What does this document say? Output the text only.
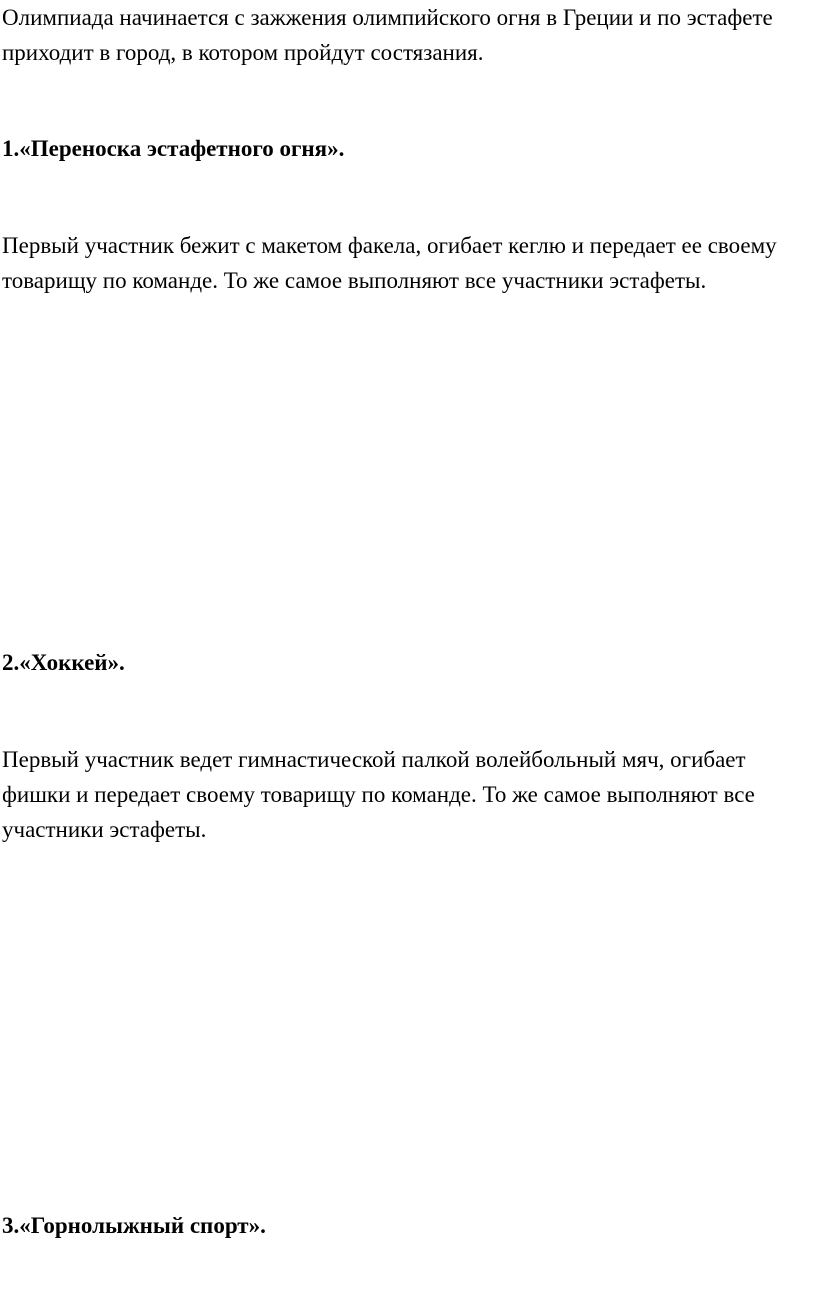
Олимпиада начинается с зажжения олимпийского огня в Греции и по эстафете приходит в город, в котором пройдут состязания.

1.«Переноска эстафетного огня».

Первый участник бежит с макетом факела, огибает кеглю и передает ее своему товарищу по команде. То же самое выполняют все участники эстафеты.

2.«Хоккей».

Первый участник ведет гимнастической палкой волейбольный мяч, огибает фишки и передает своему товарищу по команде. То же самое выполняют все участники эстафеты.

3.«Горнолыжный спорт».
